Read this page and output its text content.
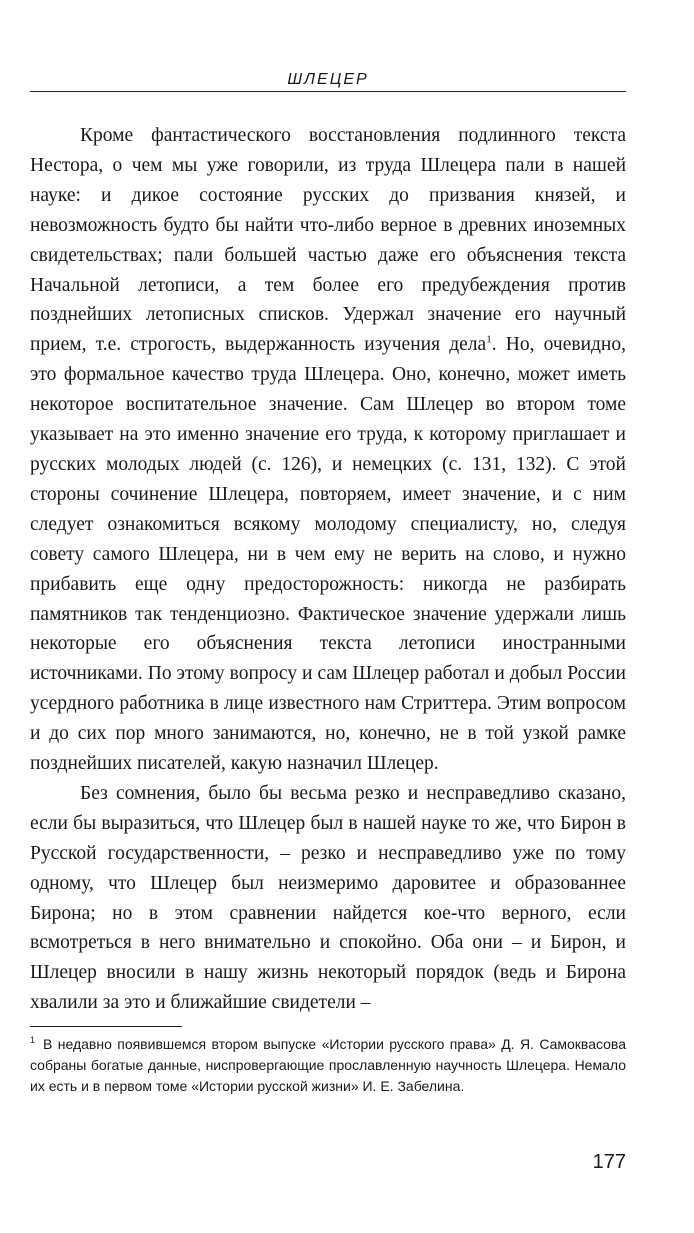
ШЛЕЦЕР

Кроме фантастического восстановления подлинного текста Нестора, о чем мы уже говорили, из труда Шлецера пали в нашей науке: и дикое состояние русских до призвания князей, и невозможность будто бы найти что-либо верное в древних иноземных свидетельствах; пали большей частью даже его объяснения текста Начальной летописи, а тем более его предубеждения против позднейших летописных списков. Удержал значение его научный прием, т.е. строгость, выдержанность изучения дела$^1$. Но, очевидно, это формальное качество труда Шлецера. Оно, конечно, может иметь некоторое воспитательное значение. Сам Шлецер во втором томе указывает на это именно значение его труда, к которому приглашает и русских молодых людей (с. 126), и немецких (с. 131, 132). С этой стороны сочинение Шлецера, повторяем, имеет значение, и с ним следует ознакомиться всякому молодому специалисту, но, следуя совету самого Шлецера, ни в чем ему не верить на слово, и нужно прибавить еще одну предосторожность: никогда не разбирать памятников так тенденциозно. Фактическое значение удержали лишь некоторые его объяснения текста летописи иностранными источниками. По этому вопросу и сам Шлецер работал и добыл России усердного работника в лице известного нам Стриттера. Этим вопросом и до сих пор много занимаются, но, конечно, не в той узкой рамке позднейших писателей, какую назначил Шлецер.

Без сомнения, было бы весьма резко и несправедливо сказано, если бы выразиться, что Шлецер был в нашей науке то же, что Бирон в Русской государственности, – резко и несправедливо уже по тому одному, что Шлецер был неизмеримо даровитее и образованнее Бирона; но в этом сравнении найдется кое-что верного, если всмотреться в него внимательно и спокойно. Оба они – и Бирон, и Шлецер вносили в нашу жизнь некоторый порядок (ведь и Бирона хвалили за это и ближайшие свидетели –

$^1$ В недавно появившемся втором выпуске «Истории русского права» Д. Я. Самоквасова собраны богатые данные, ниспровергающие прославленную научность Шлецера. Немало их есть и в первом томе «Истории русской жизни» И. Е. Забелина.
177
